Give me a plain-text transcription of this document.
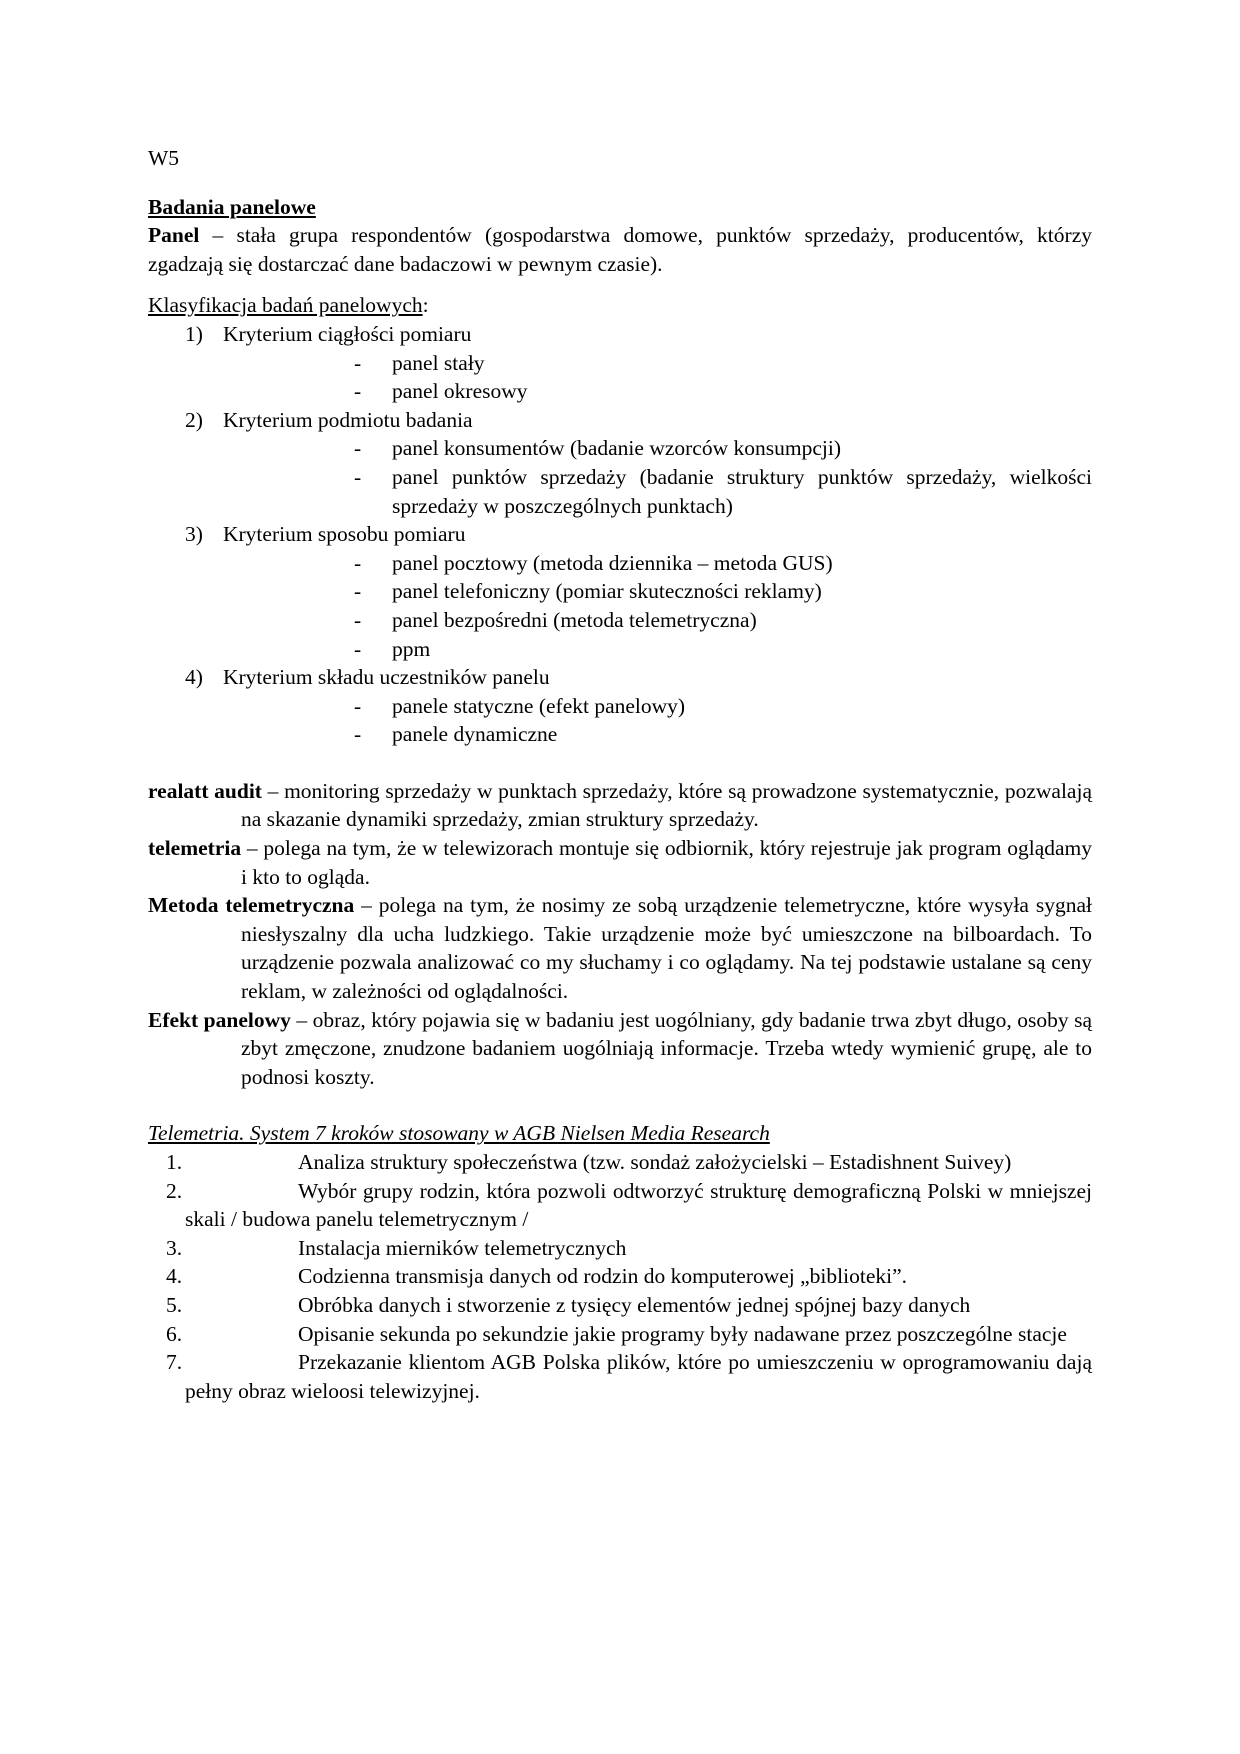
W5

Badania panelowe

Panel – stała grupa respondentów (gospodarstwa domowe, punktów sprzedaży, producentów, którzy zgadzają się dostarczać dane badaczowi w pewnym czasie).

Klasyfikacja badań panelowych:

1) Kryterium ciągłości pomiaru
- panel stały
- panel okresowy
2) Kryterium podmiotu badania
- panel konsumentów (badanie wzorców konsumpcji)
- panel punktów sprzedaży (badanie struktury punktów sprzedaży, wielkości sprzedaży w poszczególnych punktach)
3) Kryterium sposobu pomiaru
- panel pocztowy (metoda dziennika – metoda GUS)
- panel telefoniczny (pomiar skuteczności reklamy)
- panel bezpośredni (metoda telemetryczna)
- ppm
4) Kryterium składu uczestników panelu
- panele statyczne (efekt panelowy)
- panele dynamiczne

realatt audit – monitoring sprzedaży w punktach sprzedaży, które są prowadzone systematycznie, pozwalają na skazanie dynamiki sprzedaży, zmian struktury sprzedaży.

telemetria – polega na tym, że w telewizorach montuje się odbiornik, który rejestruje jak program oglądamy i kto to ogląda.

Metoda telemetryczna – polega na tym, że nosimy ze sobą urządzenie telemetryczne, które wysyła sygnał niesłyszalny dla ucha ludzkiego. Takie urządzenie może być umieszczone na bilboardach. To urządzenie pozwala analizować co my słuchamy i co oglądamy. Na tej podstawie ustalane są ceny reklam, w zależności od oglądalności.

Efekt panelowy – obraz, który pojawia się w badaniu jest uogólniany, gdy badanie trwa zbyt długo, osoby są zbyt zmęczone, znudzone badaniem uogólniają informacje. Trzeba wtedy wymienić grupę, ale to podnosi koszty.

Telemetria. System 7 kroków stosowany w AGB Nielsen Media Research

1.	Analiza struktury społeczeństwa (tzw. sondaż założycielski – Estadishnent Suivey)
2.	Wybór grupy rodzin, która pozwoli odtworzyć strukturę demograficzną Polski w mniejszej skali / budowa panelu telemetrycznym /
3.	Instalacja mierników telemetrycznych
4.	Codzienna transmisja danych od rodzin do komputerowej „biblioteki”.
5.	Obróbka danych i stworzenie z tysięcy elementów jednej spójnej bazy danych
6.	Opisanie sekunda po sekundzie jakie programy były nadawane przez poszczególne stacje
7.	Przekazanie klientom AGB Polska plików, które po umieszczeniu w oprogramowaniu dają pełny obraz wieloosi telewizyjnej.
